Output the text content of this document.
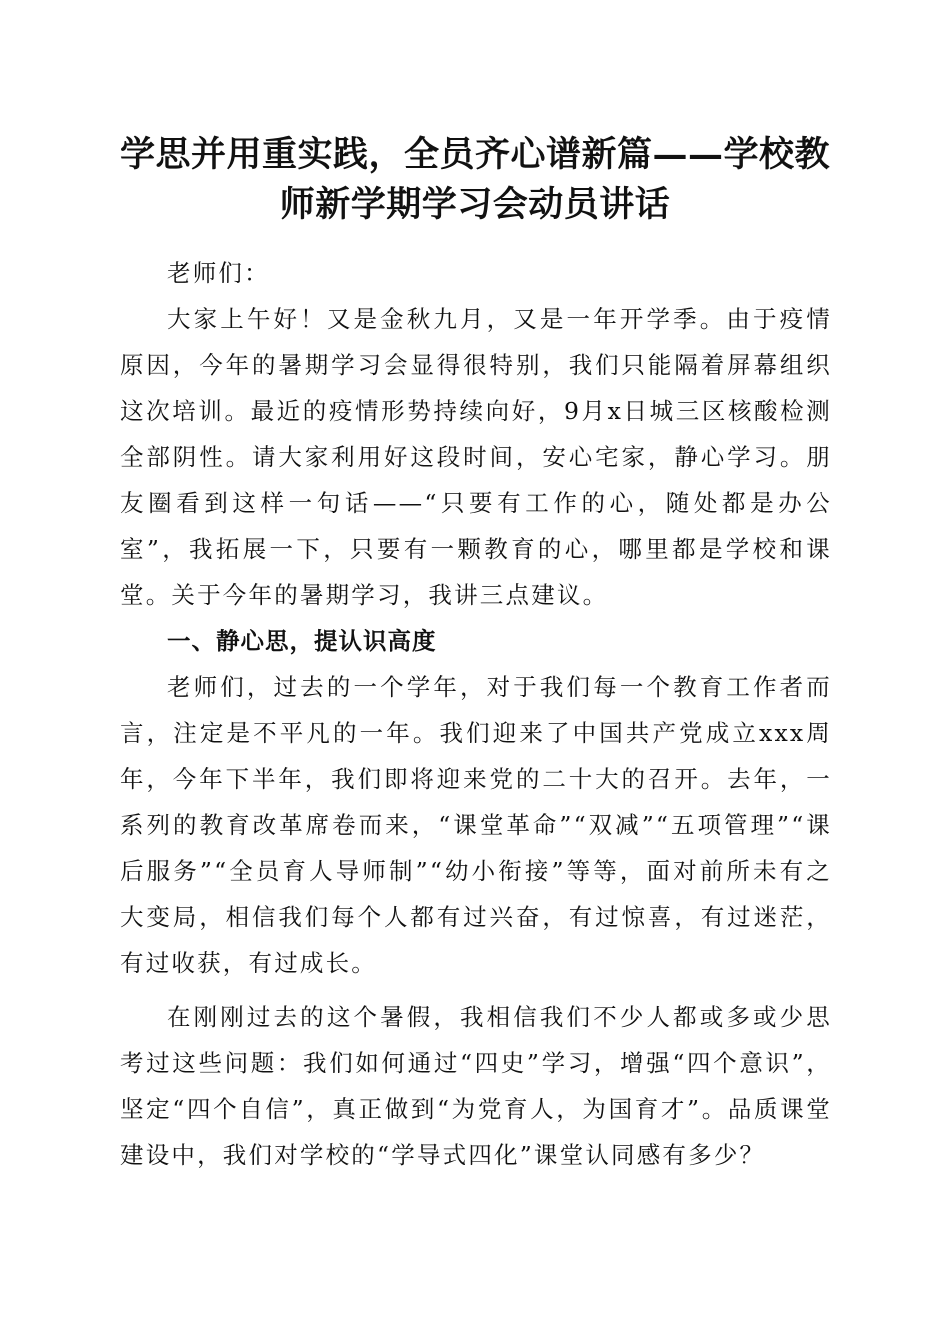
学思并用重实践，全员齐心谱新篇——学校教
师新学期学习会动员讲话

老师们：

大家上午好！又是金秋九月，又是一年开学季。由于疫情原因，今年的暑期学习会显得很特别，我们只能隔着屏幕组织这次培训。最近的疫情形势持续向好，9月x日城三区核酸检测全部阴性。请大家利用好这段时间，安心宅家，静心学习。朋友圈看到这样一句话——“只要有工作的心，随处都是办公室”，我拓展一下，只要有一颗教育的心，哪里都是学校和课堂。关于今年的暑期学习，我讲三点建议。

一、静心思，提认识高度

老师们，过去的一个学年，对于我们每一个教育工作者而言，注定是不平凡的一年。我们迎来了中国共产党成立xxx周年，今年下半年，我们即将迎来党的二十大的召开。去年，一系列的教育改革席卷而来，“课堂革命”“双减”“五项管理”“课后服务”“全员育人导师制”“幼小衔接”等等，面对前所未有之大变局，相信我们每个人都有过兴奋，有过惊喜，有过迷茫，有过收获，有过成长。

在刚刚过去的这个暑假，我相信我们不少人都或多或少思考过这些问题：我们如何通过“四史”学习，增强“四个意识”，坚定“四个自信”，真正做到“为党育人，为国育才”。品质课堂建设中，我们对学校的“学导式四化”课堂认同感有多少？
